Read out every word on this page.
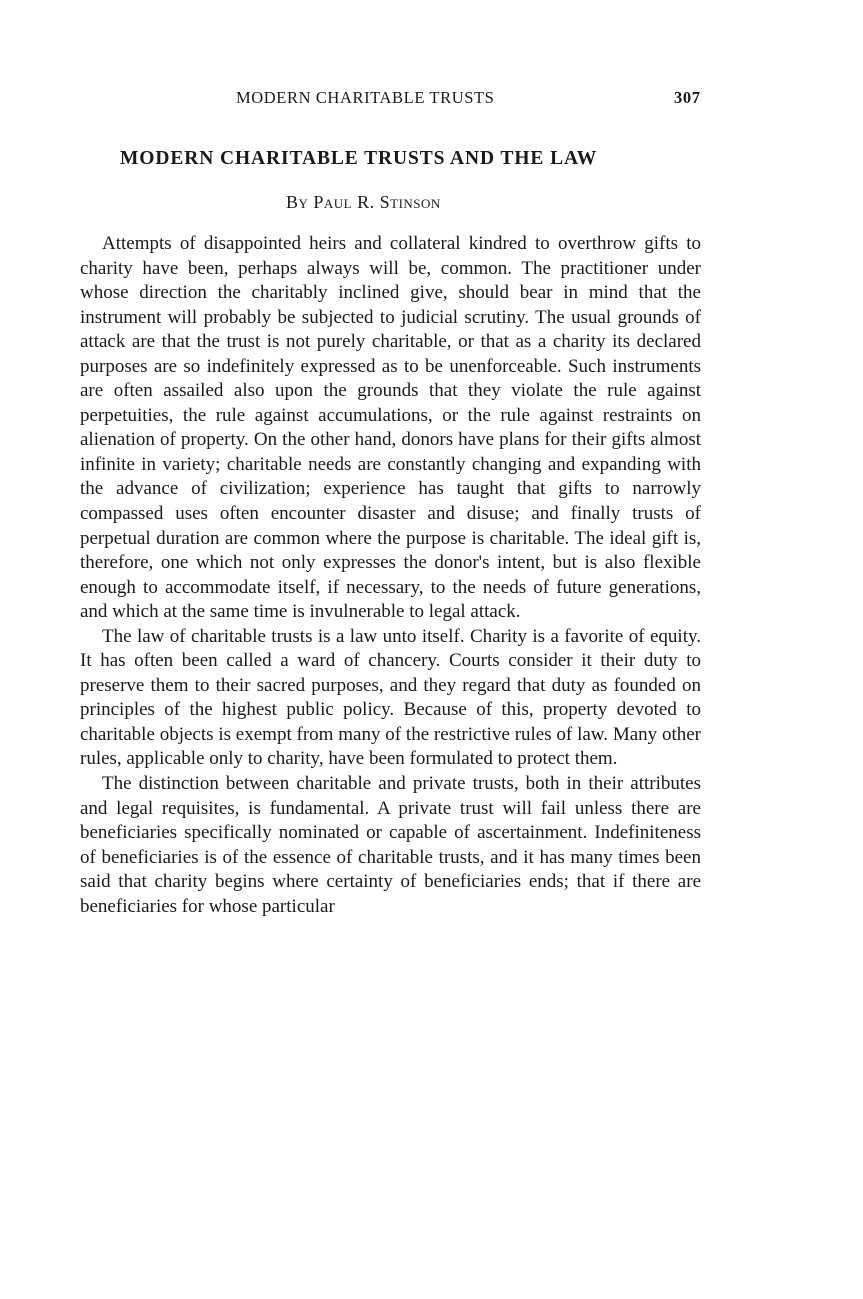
MODERN CHARITABLE TRUSTS	307
MODERN CHARITABLE TRUSTS AND THE LAW
By Paul R. Stinson

Attempts of disappointed heirs and collateral kindred to overthrow gifts to charity have been, perhaps always will be, common. The practitioner under whose direction the charitably inclined give, should bear in mind that the instrument will probably be subjected to judicial scrutiny. The usual grounds of attack are that the trust is not purely charitable, or that as a charity its declared purposes are so indefinitely expressed as to be unenforceable. Such instruments are often assailed also upon the grounds that they violate the rule against perpetuities, the rule against accumulations, or the rule against restraints on alienation of property. On the other hand, donors have plans for their gifts almost infinite in variety; charitable needs are constantly changing and expanding with the advance of civilization; experience has taught that gifts to narrowly compassed uses often encounter disaster and disuse; and finally trusts of perpetual duration are common where the purpose is charitable. The ideal gift is, therefore, one which not only expresses the donor's intent, but is also flexible enough to accommodate itself, if necessary, to the needs of future generations, and which at the same time is invulnerable to legal attack.

The law of charitable trusts is a law unto itself. Charity is a favorite of equity. It has often been called a ward of chancery. Courts consider it their duty to preserve them to their sacred purposes, and they regard that duty as founded on principles of the highest public policy. Because of this, property devoted to charitable objects is exempt from many of the restrictive rules of law. Many other rules, applicable only to charity, have been formulated to protect them.

The distinction between charitable and private trusts, both in their attributes and legal requisites, is fundamental. A private trust will fail unless there are beneficiaries specifically nominated or capable of ascertainment. Indefiniteness of beneficiaries is of the essence of charitable trusts, and it has many times been said that charity begins where certainty of beneficiaries ends; that if there are beneficiaries for whose particular
